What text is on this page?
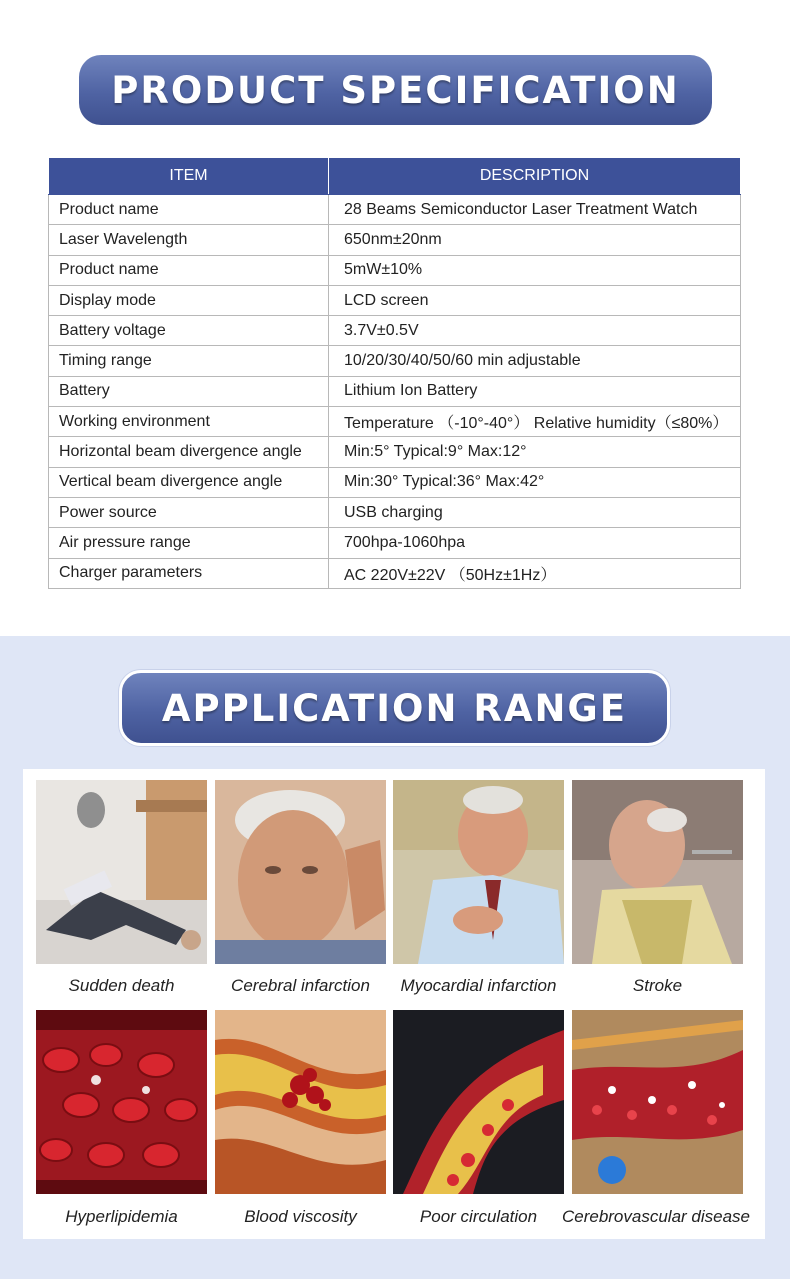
PRODUCT SPECIFICATION
ITEM	DESCRIPTION
Product name	28 Beams Semiconductor Laser Treatment Watch
Laser Wavelength	650nm±20nm
Product name	5mW±10%
Display mode	LCD screen
Battery voltage	3.7V±0.5V
Timing range	10/20/30/40/50/60 min adjustable
Battery	Lithium Ion Battery
Working environment	Temperature （-10°-40°） Relative humidity（≤80%）
Horizontal beam divergence angle	Min:5° Typical:9° Max:12°
Vertical beam divergence angle	Min:30° Typical:36° Max:42°
Power source	USB charging
Air pressure range	700hpa-1060hpa
Charger parameters	AC 220V±22V （50Hz±1Hz）
APPLICATION RANGE
Sudden death	Cerebral infarction	Myocardial infarction	Stroke
Hyperlipidemia	Blood viscosity	Poor circulation	Cerebrovascular disease
